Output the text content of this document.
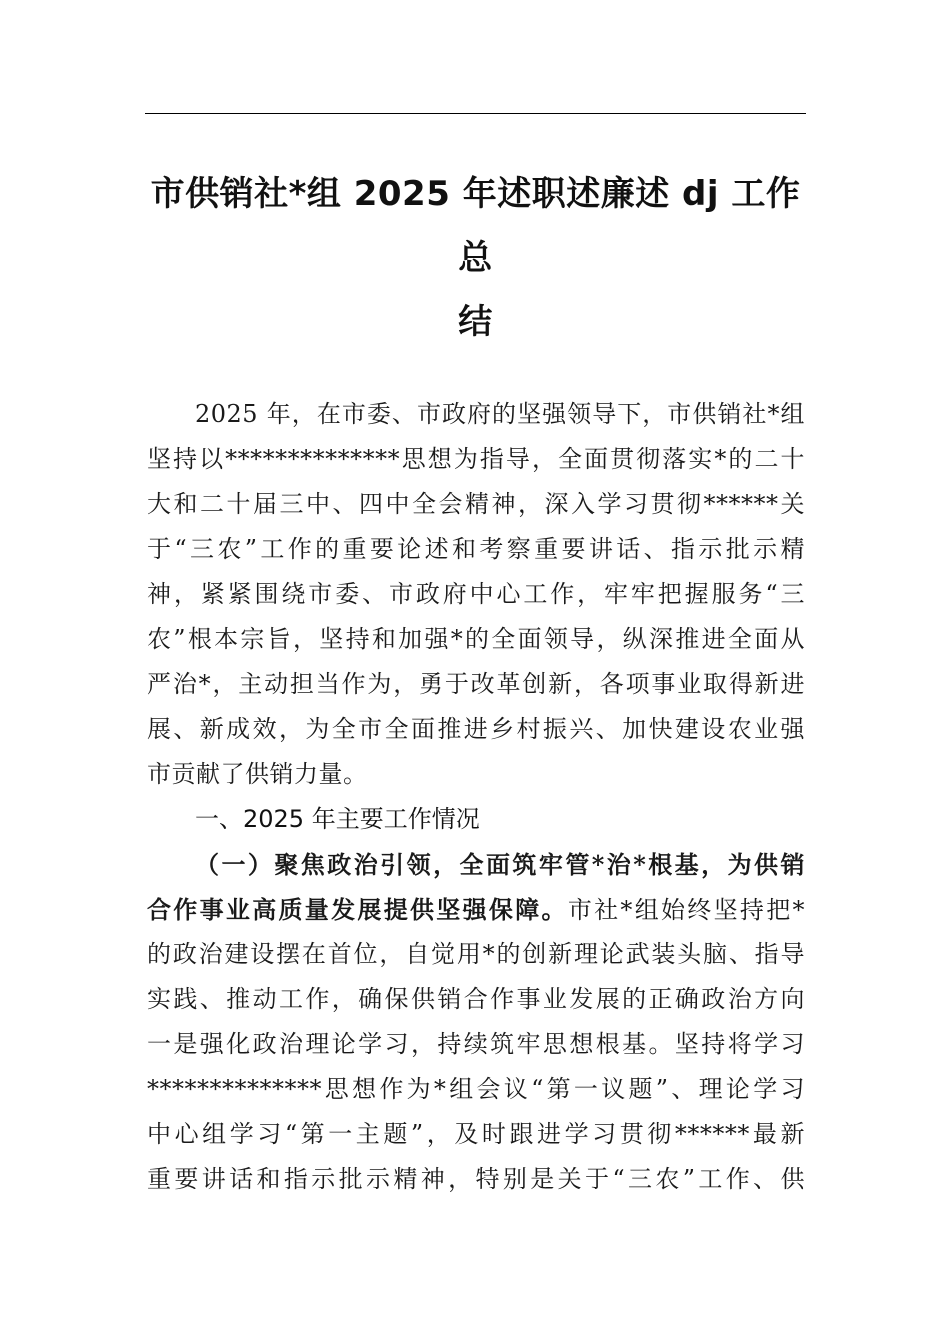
市供销社*组 2025 年述职述廉述 dj 工作总
结
2025 年，在市委、市政府的坚强领导下，市供销社*组
坚持以**************思想为指导，全面贯彻落实*的二十
大和二十届三中、四中全会精神，深入学习贯彻******关
于“三农”工作的重要论述和考察重要讲话、指示批示精
神，紧紧围绕市委、市政府中心工作，牢牢把握服务“三
农”根本宗旨，坚持和加强*的全面领导，纵深推进全面从
严治*，主动担当作为，勇于改革创新，各项事业取得新进
展、新成效，为全市全面推进乡村振兴、加快建设农业强
市贡献了供销力量。
一、2025 年主要工作情况
（一）聚焦政治引领，全面筑牢管*治*根基，为供销
合作事业高质量发展提供坚强保障。市社*组始终坚持把*
的政治建设摆在首位，自觉用*的创新理论武装头脑、指导
实践、推动工作，确保供销合作事业发展的正确政治方向
一是强化政治理论学习，持续筑牢思想根基。坚持将学习
**************思想作为*组会议“第一议题”、理论学习
中心组学习“第一主题”，及时跟进学习贯彻******最新
重要讲话和指示批示精神，特别是关于“三农”工作、供
